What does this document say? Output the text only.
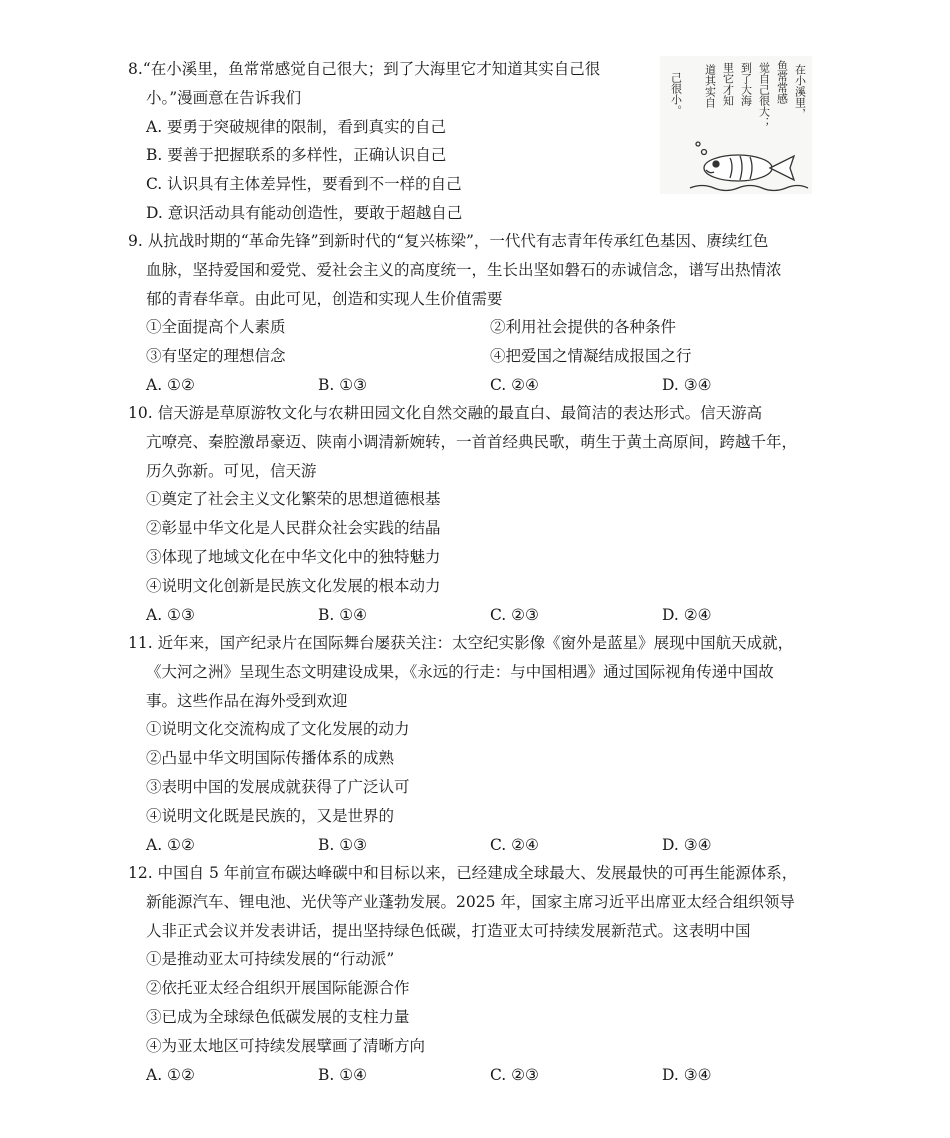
8.“在小溪里，鱼常常感觉自己很大；到了大海里它才知道其实自己很
小。”漫画意在告诉我们
A. 要勇于突破规律的限制，看到真实的自己
B. 要善于把握联系的多样性，正确认识自己
C. 认识具有主体差异性，要看到不一样的自己
D. 意识活动具有能动创造性，要敢于超越自己
在小溪里，
鱼常常感
觉自己很大；
到了大海
里它才知
道其实自
己很小。
9. 从抗战时期的“革命先锋”到新时代的“复兴栋梁”，一代代有志青年传承红色基因、赓续红色
血脉，坚持爱国和爱党、爱社会主义的高度统一，生长出坚如磐石的赤诚信念，谱写出热情浓
郁的青春华章。由此可见，创造和实现人生价值需要
①全面提高个人素质	②利用社会提供的各种条件
③有坚定的理想信念	④把爱国之情凝结成报国之行
A. ①②	B. ①③	C. ②④	D. ③④
10. 信天游是草原游牧文化与农耕田园文化自然交融的最直白、最简洁的表达形式。信天游高
亢嘹亮、秦腔激昂豪迈、陕南小调清新婉转，一首首经典民歌，萌生于黄土高原间，跨越千年，
历久弥新。可见，信天游
①奠定了社会主义文化繁荣的思想道德根基
②彰显中华文化是人民群众社会实践的结晶
③体现了地域文化在中华文化中的独特魅力
④说明文化创新是民族文化发展的根本动力
A. ①③	B. ①④	C. ②③	D. ②④
11. 近年来，国产纪录片在国际舞台屡获关注：太空纪实影像《窗外是蓝星》展现中国航天成就，
《大河之洲》呈现生态文明建设成果，《永远的行走：与中国相遇》通过国际视角传递中国故
事。这些作品在海外受到欢迎
①说明文化交流构成了文化发展的动力
②凸显中华文明国际传播体系的成熟
③表明中国的发展成就获得了广泛认可
④说明文化既是民族的，又是世界的
A. ①②	B. ①③	C. ②④	D. ③④
12. 中国自 5 年前宣布碳达峰碳中和目标以来，已经建成全球最大、发展最快的可再生能源体系，
新能源汽车、锂电池、光伏等产业蓬勃发展。2025 年，国家主席习近平出席亚太经合组织领导
人非正式会议并发表讲话，提出坚持绿色低碳，打造亚太可持续发展新范式。这表明中国
①是推动亚太可持续发展的“行动派”
②依托亚太经合组织开展国际能源合作
③已成为全球绿色低碳发展的支柱力量
④为亚太地区可持续发展擘画了清晰方向
A. ①②	B. ①④	C. ②③	D. ③④
